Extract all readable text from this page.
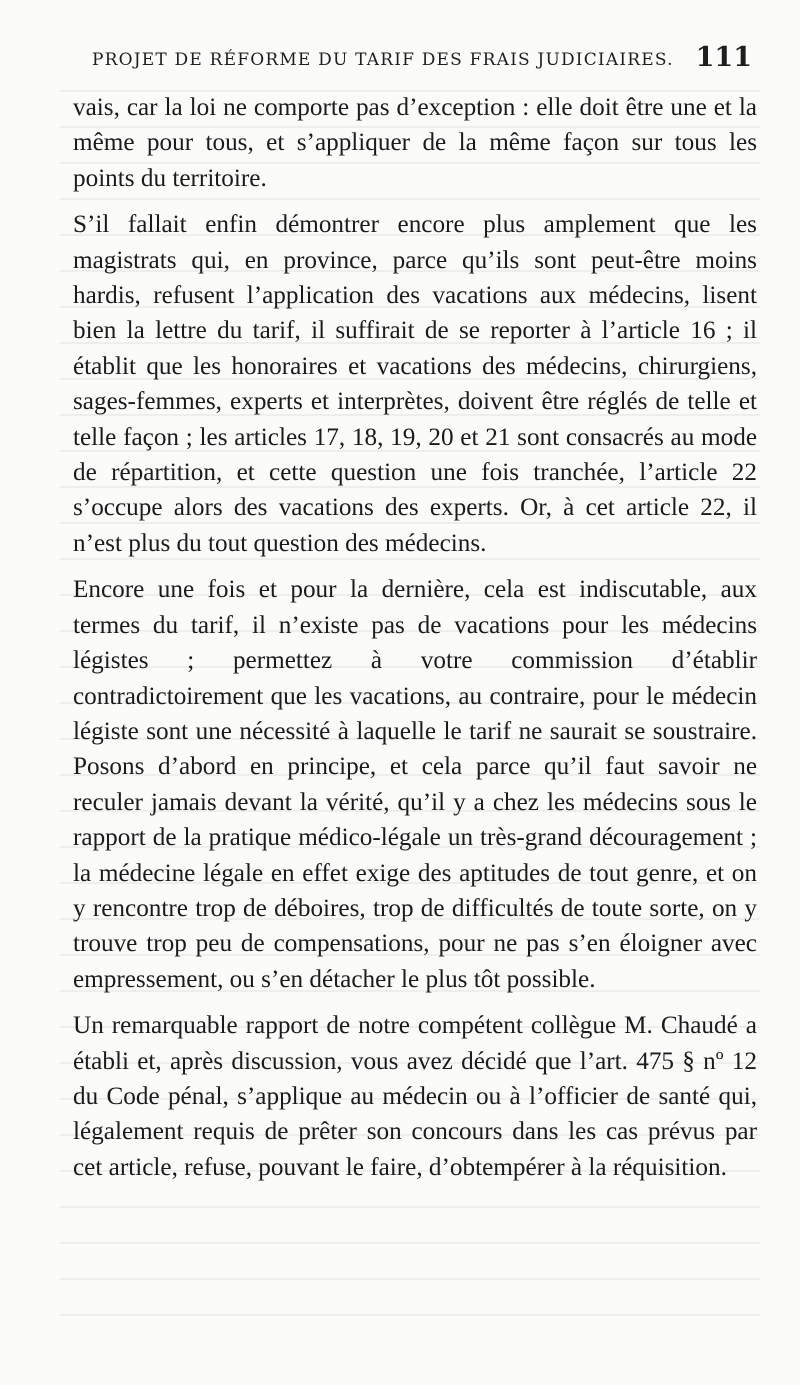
PROJET DE RÉFORME DU TARIF DES FRAIS JUDICIAIRES. 111

vais, car la loi ne comporte pas d’exception : elle doit être une et la même pour tous, et s’appliquer de la même façon sur tous les points du territoire.

S’il fallait enfin démontrer encore plus amplement que les magistrats qui, en province, parce qu’ils sont peut-être moins hardis, refusent l’application des vacations aux médecins, lisent bien la lettre du tarif, il suffirait de se reporter à l’article 16 ; il établit que les honoraires et vacations des médecins, chirurgiens, sages-femmes, experts et interprètes, doivent être réglés de telle et telle façon ; les articles 17, 18, 19, 20 et 21 sont consacrés au mode de répartition, et cette question une fois tranchée, l’article 22 s’occupe alors des vacations des experts. Or, à cet article 22, il n’est plus du tout question des médecins.

Encore une fois et pour la dernière, cela est indiscutable, aux termes du tarif, il n’existe pas de vacations pour les médecins légistes ; permettez à votre commission d’établir contradictoirement que les vacations, au contraire, pour le médecin légiste sont une nécessité à laquelle le tarif ne saurait se soustraire. Posons d’abord en principe, et cela parce qu’il faut savoir ne reculer jamais devant la vérité, qu’il y a chez les médecins sous le rapport de la pratique médico-légale un très-grand découragement ; la médecine légale en effet exige des aptitudes de tout genre, et on y rencontre trop de déboires, trop de difficultés de toute sorte, on y trouve trop peu de compensations, pour ne pas s’en éloigner avec empressement, ou s’en détacher le plus tôt possible.

Un remarquable rapport de notre compétent collègue M. Chaudé a établi et, après discussion, vous avez décidé que l’art. 475 § nº 12 du Code pénal, s’applique au médecin ou à l’officier de santé qui, légalement requis de prêter son concours dans les cas prévus par cet article, refuse, pouvant le faire, d’obtempérer à la réquisition.
